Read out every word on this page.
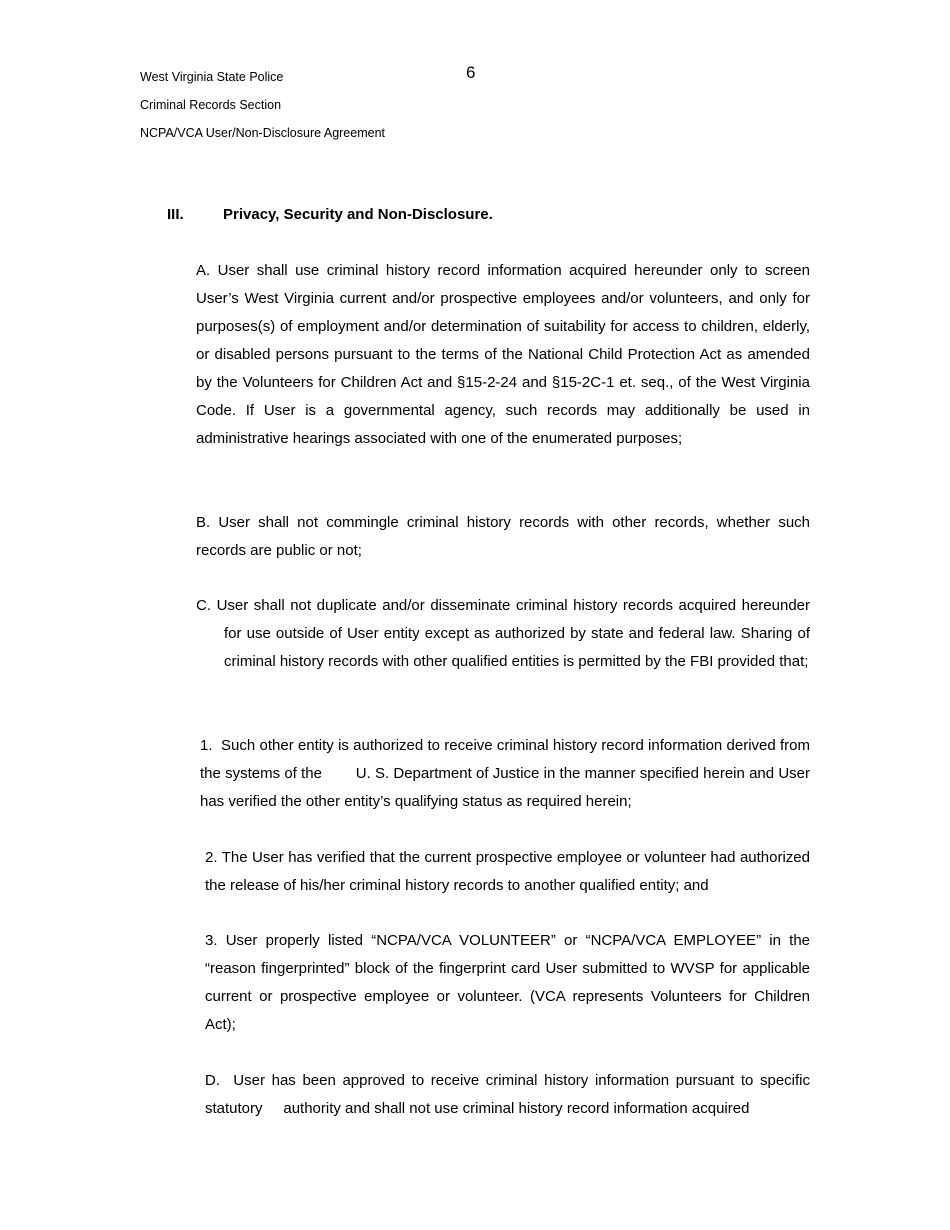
West Virginia State Police	6
Criminal Records Section
NCPA/VCA User/Non-Disclosure Agreement
III.	Privacy, Security and Non-Disclosure.

A. User shall use criminal history record information acquired hereunder only to screen User’s West Virginia current and/or prospective employees and/or volunteers, and only for purposes(s) of employment and/or determination of suitability for access to children, elderly, or disabled persons pursuant to the terms of the National Child Protection Act as amended by the Volunteers for Children Act and §15-2-24 and §15-2C-1 et. seq., of the West Virginia Code. If User is a governmental agency, such records may additionally be used in administrative hearings associated with one of the enumerated purposes;

B. User shall not commingle criminal history records with other records, whether such records are public or not;

C. User shall not duplicate and/or disseminate criminal history records acquired hereunder for use outside of User entity except as authorized by state and federal law. Sharing of criminal history records with other qualified entities is permitted by the FBI provided that;

1.  Such other entity is authorized to receive criminal history record information derived from the systems of the        U. S. Department of Justice in the manner specified herein and User has verified the other entity’s qualifying status as required herein;

2. The User has verified that the current prospective employee or volunteer had authorized the release of his/her criminal history records to another qualified entity; and

3. User properly listed “NCPA/VCA VOLUNTEER” or “NCPA/VCA EMPLOYEE” in the “reason fingerprinted” block of the fingerprint card User submitted to WVSP for applicable current or prospective employee or volunteer. (VCA represents Volunteers for Children Act);

D.  User has been approved to receive criminal history information pursuant to specific statutory     authority and shall not use criminal history record information acquired
